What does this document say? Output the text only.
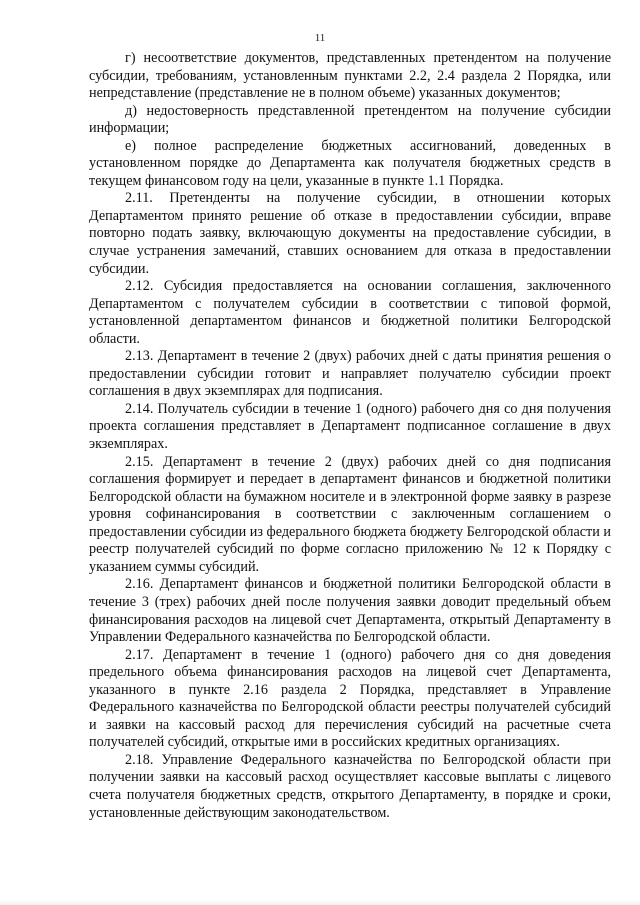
11

г) несоответствие документов, представленных претендентом на получение субсидии, требованиям, установленным пунктами 2.2, 2.4 раздела 2 Порядка, или непредставление (представление не в полном объеме) указанных документов;

д) недостоверность представленной претендентом на получение субсидии информации;

е) полное распределение бюджетных ассигнований, доведенных в установленном порядке до Департамента как получателя бюджетных средств в текущем финансовом году на цели, указанные в пункте 1.1 Порядка.

2.11. Претенденты на получение субсидии, в отношении которых Департаментом принято решение об отказе в предоставлении субсидии, вправе повторно подать заявку, включающую документы на предоставление субсидии, в случае устранения замечаний, ставших основанием для отказа в предоставлении субсидии.

2.12. Субсидия предоставляется на основании соглашения, заключенного Департаментом с получателем субсидии в соответствии с типовой формой, установленной департаментом финансов и бюджетной политики Белгородской области.

2.13. Департамент в течение 2 (двух) рабочих дней с даты принятия решения о предоставлении субсидии готовит и направляет получателю субсидии проект соглашения в двух экземплярах для подписания.

2.14. Получатель субсидии в течение 1 (одного) рабочего дня со дня получения проекта соглашения представляет в Департамент подписанное соглашение в двух экземплярах.

2.15. Департамент в течение 2 (двух) рабочих дней со дня подписания соглашения формирует и передает в департамент финансов и бюджетной политики Белгородской области на бумажном носителе и в электронной форме заявку в разрезе уровня софинансирования в соответствии с заключенным соглашением о предоставлении субсидии из федерального бюджета бюджету Белгородской области и реестр получателей субсидий по форме согласно приложению № 12 к Порядку с указанием суммы субсидий.

2.16. Департамент финансов и бюджетной политики Белгородской области в течение 3 (трех) рабочих дней после получения заявки доводит предельный объем финансирования расходов на лицевой счет Департамента, открытый Департаменту в Управлении Федерального казначейства по Белгородской области.

2.17. Департамент в течение 1 (одного) рабочего дня со дня доведения предельного объема финансирования расходов на лицевой счет Департамента, указанного в пункте 2.16 раздела 2 Порядка, представляет в Управление Федерального казначейства по Белгородской области реестры получателей субсидий и заявки на кассовый расход для перечисления субсидий на расчетные счета получателей субсидий, открытые ими в российских кредитных организациях.

2.18. Управление Федерального казначейства по Белгородской области при получении заявки на кассовый расход осуществляет кассовые выплаты с лицевого счета получателя бюджетных средств, открытого Департаменту, в порядке и сроки, установленные действующим законодательством.
